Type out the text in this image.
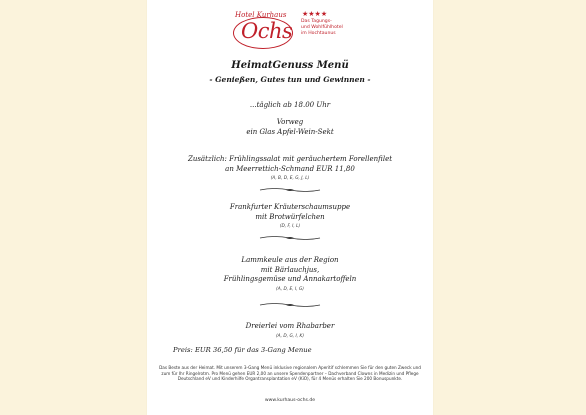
Hotel Kurhaus
Ochs
★★★★
Das Tagungs-
und Wohlfühlhotel
im Hochtaunus
HeimatGenuss Menü
- Genießen, Gutes tun und Gewinnen -
...täglich ab 18.00 Uhr
Vorweg
ein Glas Apfel-Wein-Sekt
Zusätzlich: Frühlingssalat mit geräuchertem Forellenfilet
an Meerrettich-Schmand EUR 11,80
(A, B, D, E, G, J, L)
Frankfurter Kräuterschaumsuppe
mit Brotwürfelchen
(D, F, I, L)
Lammkeule aus der Region
mit Bärlauchjus,
Frühlingsgemüse und Annakartoffeln
(A, D, E, I, G)
Dreierlei vom Rhabarber
(A, D, G, I, K)
Preis: EUR 36,50 für das 3-Gang Menue
Das Beste aus der Heimat. Mit unserem 3-Gang Menü inklusive regionalem Aperitif schlemmen Sie für den guten Zweck und zum für Ihr Ringelrotm. Pro Menü gehen EUR 2,00 an unsere Spendenpartner – Dachverband Clowns in Medizin und Pflege Deutschland eV und Kinderhilfe Organtransplantation eV (KiO), für 4 Menüs erhalten Sie 200 Bonuspunkte.
www.kurhaus-ochs.de
